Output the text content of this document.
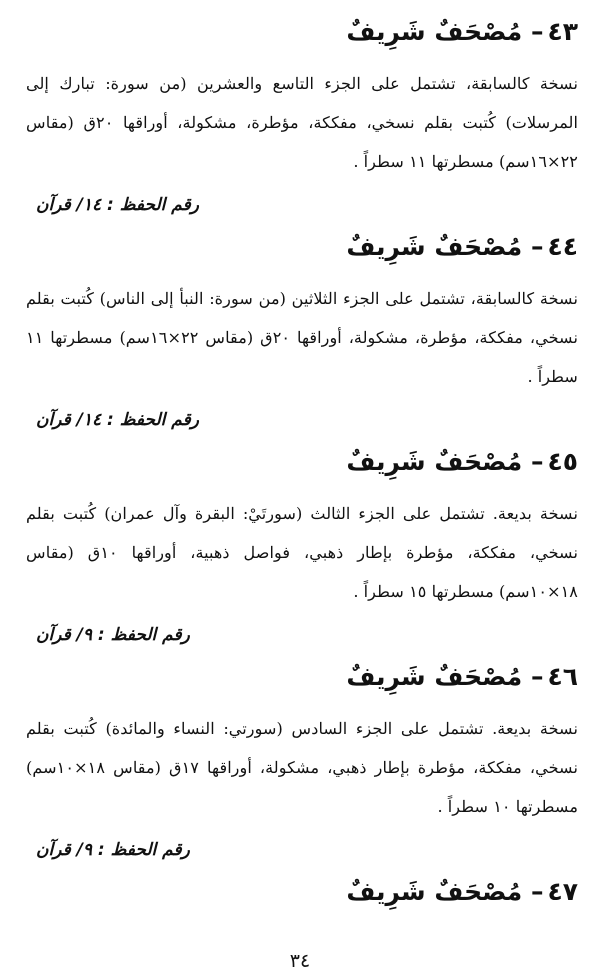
٤٣– مُصْحَفٌ شَرِيفٌ

نسخة كالسابقة، تشتمل على الجزء التاسع والعشرين (من سورة: تبارك إلى المرسلات) كُتبت بقلم نسخي، مفككة، مؤطرة، مشكولة، أوراقها ٢٠ق (مقاس ٢٢×١٦سم) مسطرتها ١١ سطراً .

رقم الحفظ : ١٤/ قرآن
٤٤– مُصْحَفٌ شَرِيفٌ

نسخة كالسابقة، تشتمل على الجزء الثلاثين (من سورة: النبأ إلى الناس) كُتبت بقلم نسخي، مفككة، مؤطرة، مشكولة، أوراقها ٢٠ق (مقاس ٢٢×١٦سم) مسطرتها ١١ سطراً .

رقم الحفظ : ١٤/ قرآن
٤٥– مُصْحَفٌ شَرِيفٌ

نسخة بديعة. تشتمل على الجزء الثالث (سورتَيْ: البقرة وآل عمران) كُتبت بقلم نسخي، مفككة، مؤطرة بإطار ذهبي، فواصل ذهبية، أوراقها ١٠ق (مقاس ١٨×١٠سم) مسطرتها ١٥ سطراً .

رقم الحفظ : ٩/ قرآن
٤٦– مُصْحَفٌ شَرِيفٌ

نسخة بديعة. تشتمل على الجزء السادس (سورتي: النساء والمائدة) كُتبت بقلم نسخي، مفككة، مؤطرة بإطار ذهبي، مشكولة، أوراقها ١٧ق (مقاس ١٨×١٠سم) مسطرتها ١٠ سطراً .

رقم الحفظ : ٩/ قرآن
٤٧– مُصْحَفٌ شَرِيفٌ
٣٤
